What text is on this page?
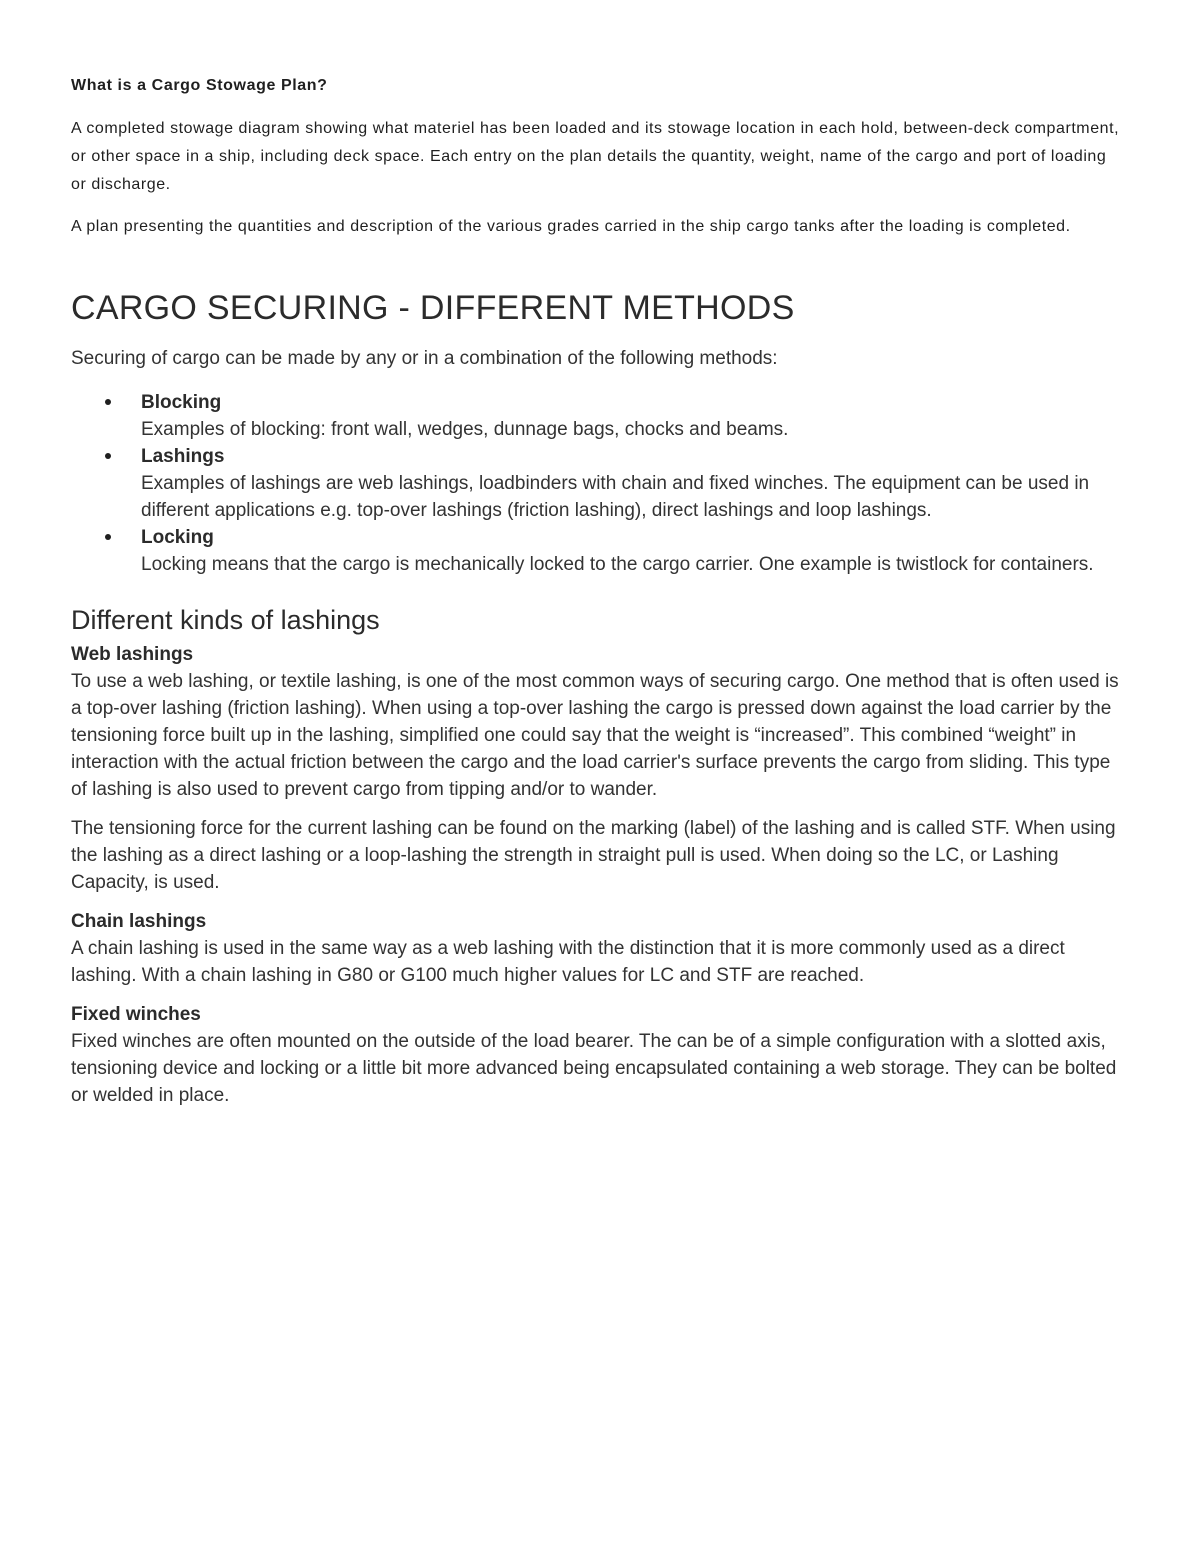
What is a Cargo Stowage Plan?

A completed stowage diagram showing what materiel has been loaded and its stowage location in each hold, between-deck compartment, or other space in a ship, including deck space. Each entry on the plan details the quantity, weight, name of the cargo and port of loading or discharge.

A plan presenting the quantities and description of the various grades carried in the ship cargo tanks after the loading is completed.

CARGO SECURING - DIFFERENT METHODS

Securing of cargo can be made by any or in a combination of the following methods:

Blocking
Examples of blocking: front wall, wedges, dunnage bags, chocks and beams.
Lashings
Examples of lashings are web lashings, loadbinders with chain and fixed winches. The equipment can be used in different applications e.g. top-over lashings (friction lashing), direct lashings and loop lashings.
Locking
Locking means that the cargo is mechanically locked to the cargo carrier. One example is twistlock for containers.
Different kinds of lashings
Web lashings

To use a web lashing, or textile lashing, is one of the most common ways of securing cargo. One method that is often used is a top-over lashing (friction lashing). When using a top-over lashing the cargo is pressed down against the load carrier by the tensioning force built up in the lashing, simplified one could say that the weight is “increased”. This combined “weight” in interaction with the actual friction between the cargo and the load carrier's surface prevents the cargo from sliding. This type of lashing is also used to prevent cargo from tipping and/or to wander.

The tensioning force for the current lashing can be found on the marking (label) of the lashing and is called STF. When using the lashing as a direct lashing or a loop-lashing the strength in straight pull is used. When doing so the LC, or Lashing Capacity, is used.

Chain lashings

A chain lashing is used in the same way as a web lashing with the distinction that it is more commonly used as a direct lashing. With a chain lashing in G80 or G100 much higher values for LC and STF are reached.

Fixed winches

Fixed winches are often mounted on the outside of the load bearer. The can be of a simple configuration with a slotted axis, tensioning device and locking or a little bit more advanced being encapsulated containing a web storage. They can be bolted or welded in place.
